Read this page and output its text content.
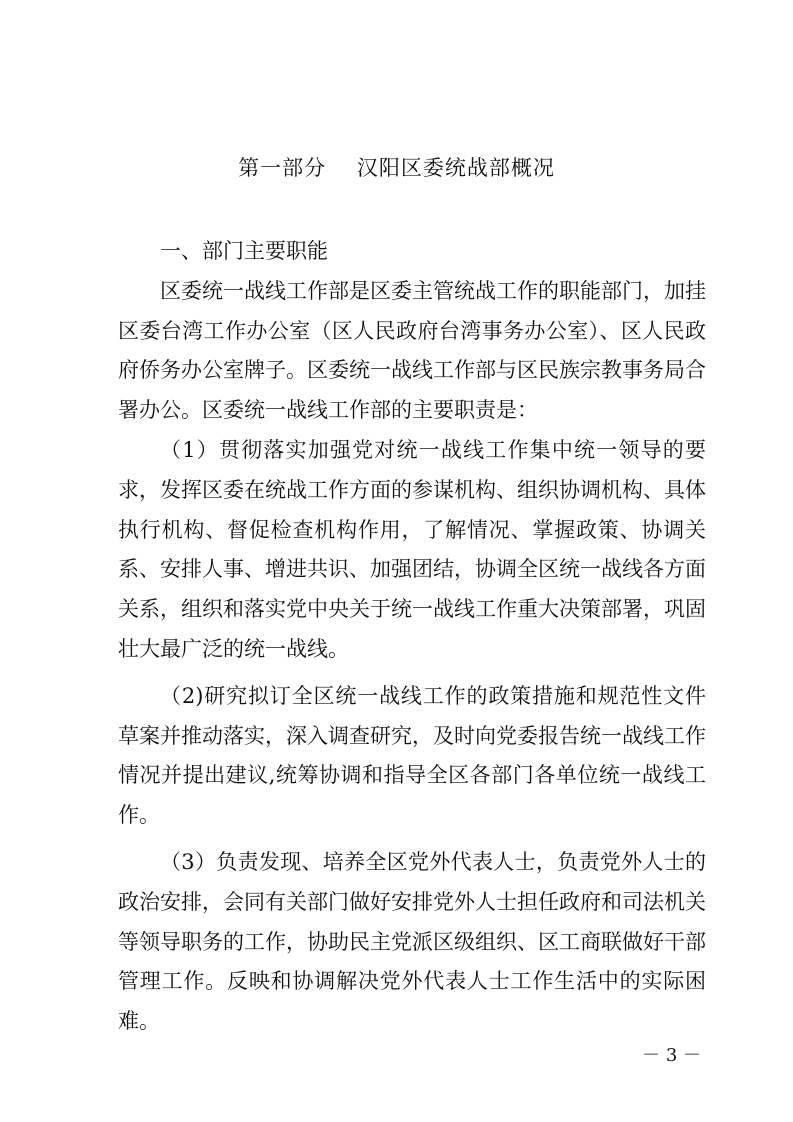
第一部分    汉阳区委统战部概况

一、部门主要职能

区委统一战线工作部是区委主管统战工作的职能部门，加挂区委台湾工作办公室（区人民政府台湾事务办公室）、区人民政府侨务办公室牌子。区委统一战线工作部与区民族宗教事务局合署办公。区委统一战线工作部的主要职责是：

（1）贯彻落实加强党对统一战线工作集中统一领导的要求，发挥区委在统战工作方面的参谋机构、组织协调机构、具体执行机构、督促检查机构作用，了解情况、掌握政策、协调关系、安排人事、增进共识、加强团结，协调全区统一战线各方面关系，组织和落实党中央关于统一战线工作重大决策部署，巩固壮大最广泛的统一战线。

（2)研究拟订全区统一战线工作的政策措施和规范性文件草案并推动落实，深入调查研究，及时向党委报告统一战线工作情况并提出建议,统筹协调和指导全区各部门各单位统一战线工作。

（3）负责发现、培养全区党外代表人士，负责党外人士的政治安排，会同有关部门做好安排党外人士担任政府和司法机关等领导职务的工作，协助民主党派区级组织、区工商联做好干部管理工作。反映和协调解决党外代表人士工作生活中的实际困难。

－ 3 －
